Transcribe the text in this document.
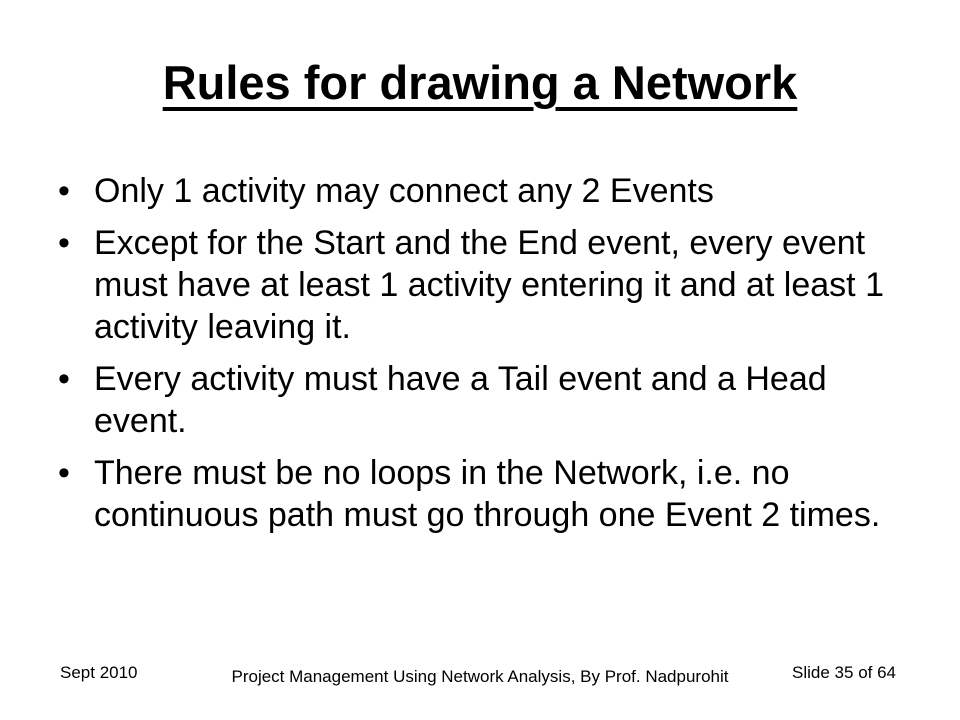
Rules for drawing a Network
• Only 1 activity may connect any 2 Events
• Except for the Start and the End event, every event must have at least 1 activity entering it and at least 1 activity leaving it.
• Every activity must have a Tail event and a Head event.
• There must be no loops in the Network, i.e. no continuous path must go through one Event 2 times.
Sept 2010	Project Management Using Network Analysis, By Prof. Nadpurohit	Slide 35 of 64
